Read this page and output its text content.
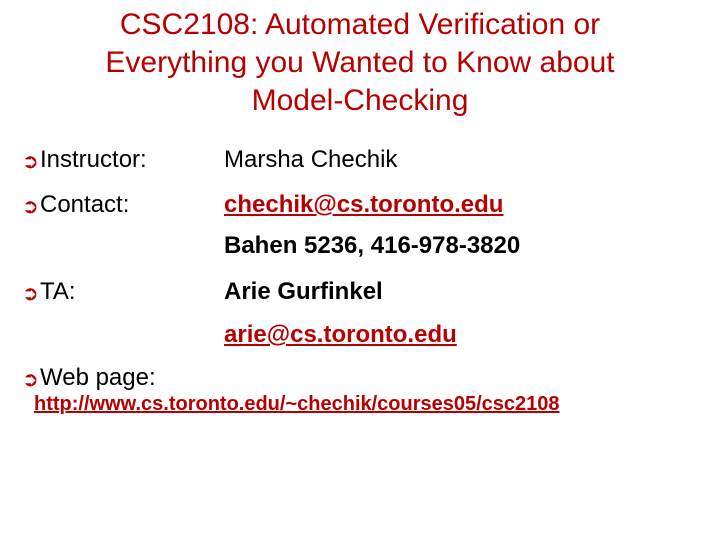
CSC2108: Automated Verification or
Everything you Wanted to Know about
Model-Checking
➲ Instructor:	Marsha Chechik
➲ Contact:	chechik@cs.toronto.edu
Bahen 5236, 416-978-3820
➲ TA:	Arie Gurfinkel
arie@cs.toronto.edu
➲ Web page:
http://www.cs.toronto.edu/~chechik/courses05/csc2108
